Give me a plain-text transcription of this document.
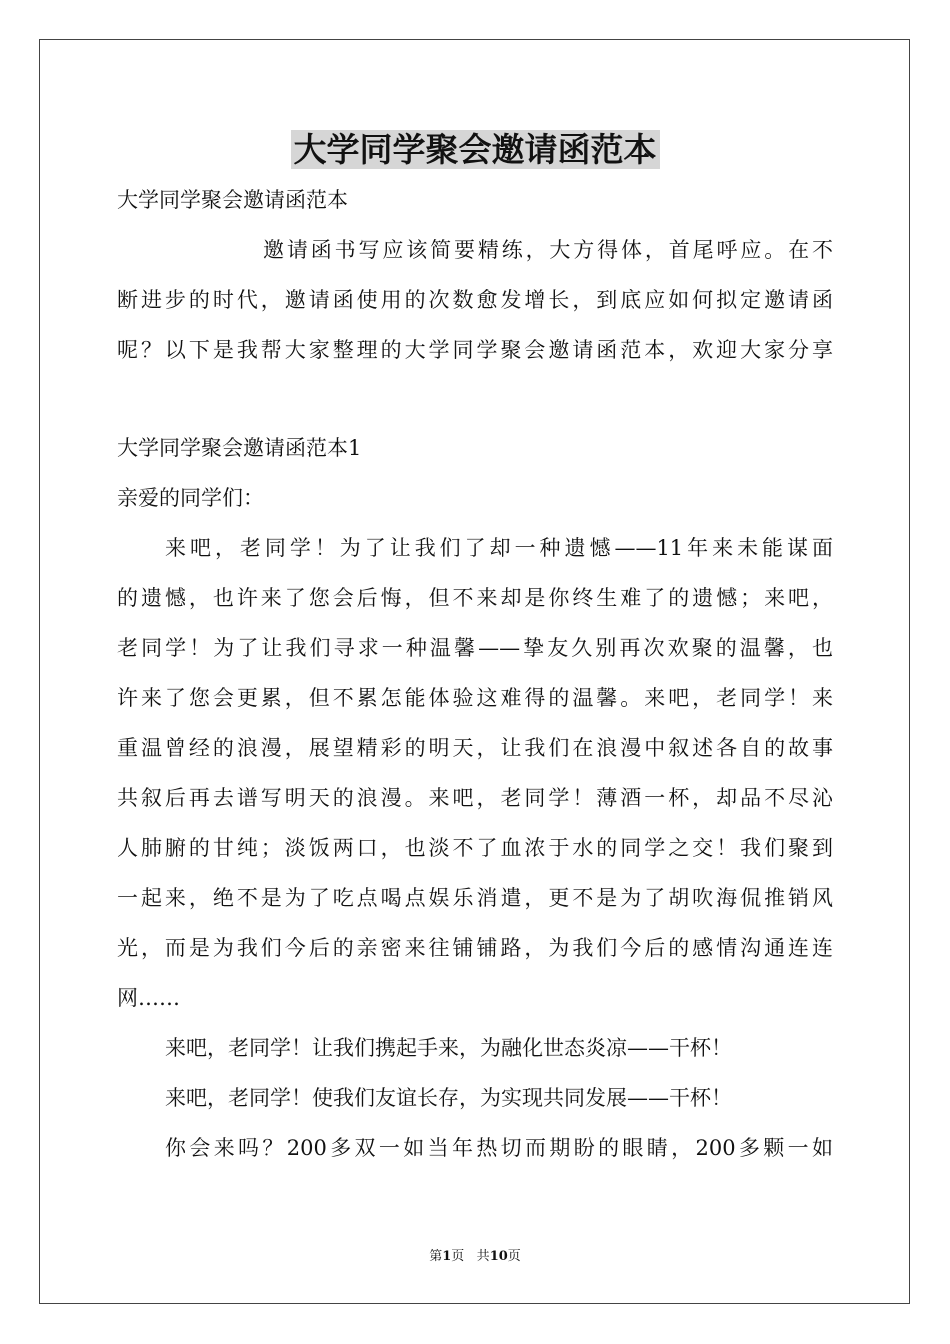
大学同学聚会邀请函范本

大学同学聚会邀请函范本

邀请函书写应该简要精练，大方得体，首尾呼应。在不
断进步的时代，邀请函使用的次数愈发增长，到底应如何拟定邀请函
呢？以下是我帮大家整理的大学同学聚会邀请函范本，欢迎大家分享

大学同学聚会邀请函范本1

亲爱的同学们：

来吧，老同学！为了让我们了却一种遗憾——11年来未能谋面
的遗憾，也许来了您会后悔，但不来却是你终生难了的遗憾；来吧，
老同学！为了让我们寻求一种温馨——挚友久别再次欢聚的温馨，也
许来了您会更累，但不累怎能体验这难得的温馨。来吧，老同学！来
重温曾经的浪漫，展望精彩的明天，让我们在浪漫中叙述各自的故事
共叙后再去谱写明天的浪漫。来吧，老同学！薄酒一杯，却品不尽沁
人肺腑的甘纯；淡饭两口，也淡不了血浓于水的同学之交！我们聚到
一起来，绝不是为了吃点喝点娱乐消遣，更不是为了胡吹海侃推销风
光，而是为我们今后的亲密来往铺铺路，为我们今后的感情沟通连连
网……

来吧，老同学！让我们携起手来，为融化世态炎凉——干杯！

来吧，老同学！使我们友谊长存，为实现共同发展——干杯！

你会来吗？200多双一如当年热切而期盼的眼睛，200多颗一如

第1页 共10页
